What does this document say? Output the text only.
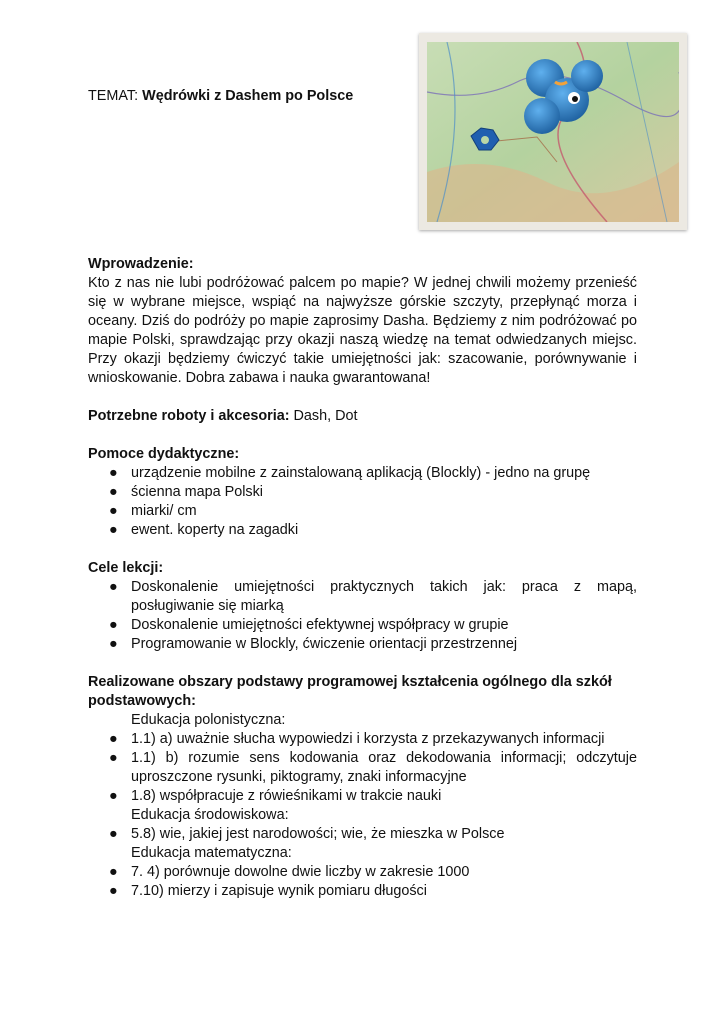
TEMAT: Wędrówki z Dashem po Polsce
Wprowadzenie:
Kto z nas nie lubi podróżować palcem po mapie? W jednej chwili możemy przenieść się w wybrane miejsce, wspiąć na najwyższe górskie szczyty, przepłynąć morza i oceany. Dziś do podróży po mapie zaprosimy Dasha. Będziemy z nim podróżować po mapie Polski, sprawdzając przy okazji naszą wiedzę na temat odwiedzanych miejsc. Przy okazji będziemy ćwiczyć takie umiejętności jak: szacowanie, porównywanie i wnioskowanie. Dobra zabawa i nauka gwarantowana!
Potrzebne roboty i akcesoria: Dash, Dot
Pomoce dydaktyczne:
● urządzenie mobilne z zainstalowaną aplikacją (Blockly) - jedno na grupę
● ścienna mapa Polski
● miarki/ cm
● ewent. koperty na zagadki
Cele lekcji:
● Doskonalenie umiejętności praktycznych takich jak: praca z mapą, posługiwanie się miarką
● Doskonalenie umiejętności efektywnej współpracy w grupie
● Programowanie w Blockly, ćwiczenie orientacji przestrzennej
Realizowane obszary podstawy programowej kształcenia ogólnego dla szkół podstawowych:
Edukacja polonistyczna:
● 1.1) a) uważnie słucha wypowiedzi i korzysta z przekazywanych informacji
● 1.1) b) rozumie sens kodowania oraz dekodowania informacji; odczytuje uproszczone rysunki, piktogramy, znaki informacyjne
● 1.8) współpracuje z rówieśnikami w trakcie nauki
Edukacja środowiskowa:
● 5.8) wie, jakiej jest narodowości; wie, że mieszka w Polsce
Edukacja matematyczna:
● 7. 4) porównuje dowolne dwie liczby w zakresie 1000
● 7.10) mierzy i zapisuje wynik pomiaru długości
